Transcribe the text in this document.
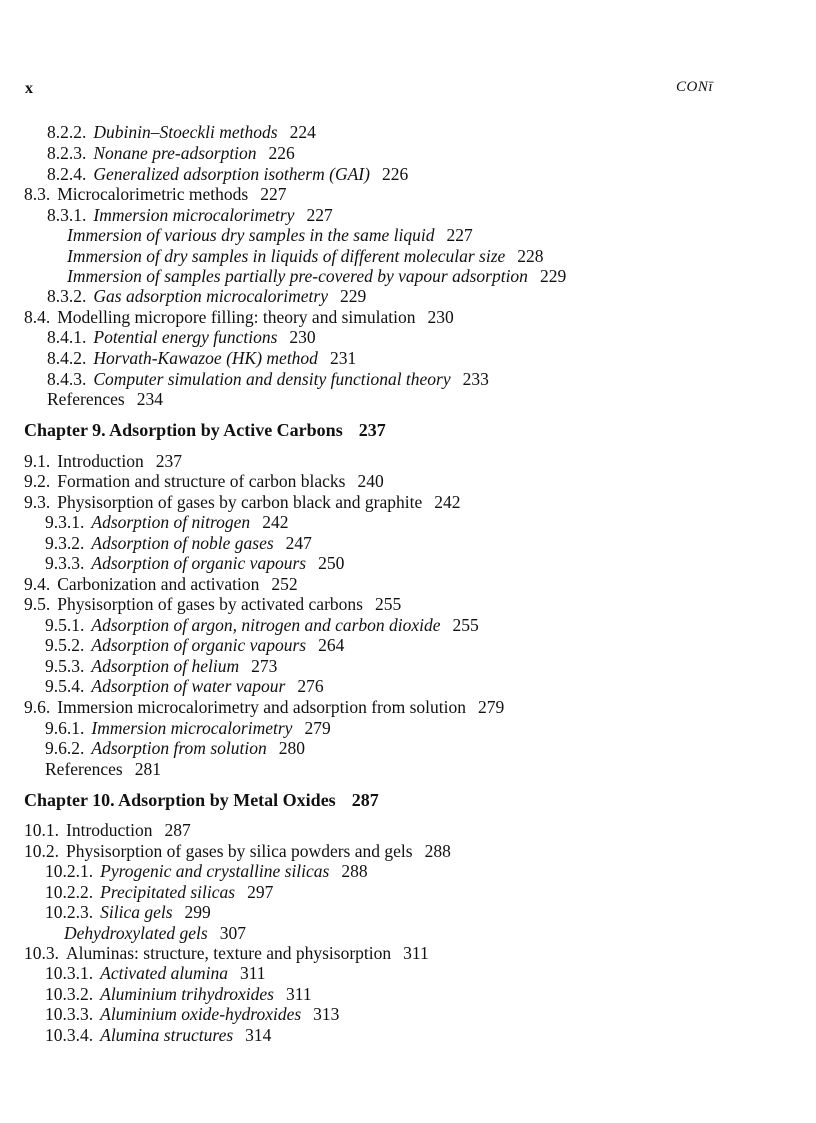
x	CONī
Chapter 9. Adsorption by Active Carbons 237
Chapter 10. Adsorption by Metal Oxides 287
8.2.2. Dubinin–Stoeckli methods 224
8.2.3. Nonane pre-adsorption 226
8.2.4. Generalized adsorption isotherm (GAI) 226
8.3. Microcalorimetric methods 227
8.3.1. Immersion microcalorimetry 227
Immersion of various dry samples in the same liquid 227
Immersion of dry samples in liquids of different molecular size 228
Immersion of samples partially pre-covered by vapour adsorption 229
8.3.2. Gas adsorption microcalorimetry 229
8.4. Modelling micropore filling: theory and simulation 230
8.4.1. Potential energy functions 230
8.4.2. Horvath-Kawazoe (HK) method 231
8.4.3. Computer simulation and density functional theory 233
References 234
9.1. Introduction 237
9.2. Formation and structure of carbon blacks 240
9.3. Physisorption of gases by carbon black and graphite 242
9.3.1. Adsorption of nitrogen 242
9.3.2. Adsorption of noble gases 247
9.3.3. Adsorption of organic vapours 250
9.4. Carbonization and activation 252
9.5. Physisorption of gases by activated carbons 255
9.5.1. Adsorption of argon, nitrogen and carbon dioxide 255
9.5.2. Adsorption of organic vapours 264
9.5.3. Adsorption of helium 273
9.5.4. Adsorption of water vapour 276
9.6. Immersion microcalorimetry and adsorption from solution 279
9.6.1. Immersion microcalorimetry 279
9.6.2. Adsorption from solution 280
References 281
10.1. Introduction 287
10.2. Physisorption of gases by silica powders and gels 288
10.2.1. Pyrogenic and crystalline silicas 288
10.2.2. Precipitated silicas 297
10.2.3. Silica gels 299
Dehydroxylated gels 307
10.3. Aluminas: structure, texture and physisorption 311
10.3.1. Activated alumina 311
10.3.2. Aluminium trihydroxides 311
10.3.3. Aluminium oxide-hydroxides 313
10.3.4. Alumina structures 314
